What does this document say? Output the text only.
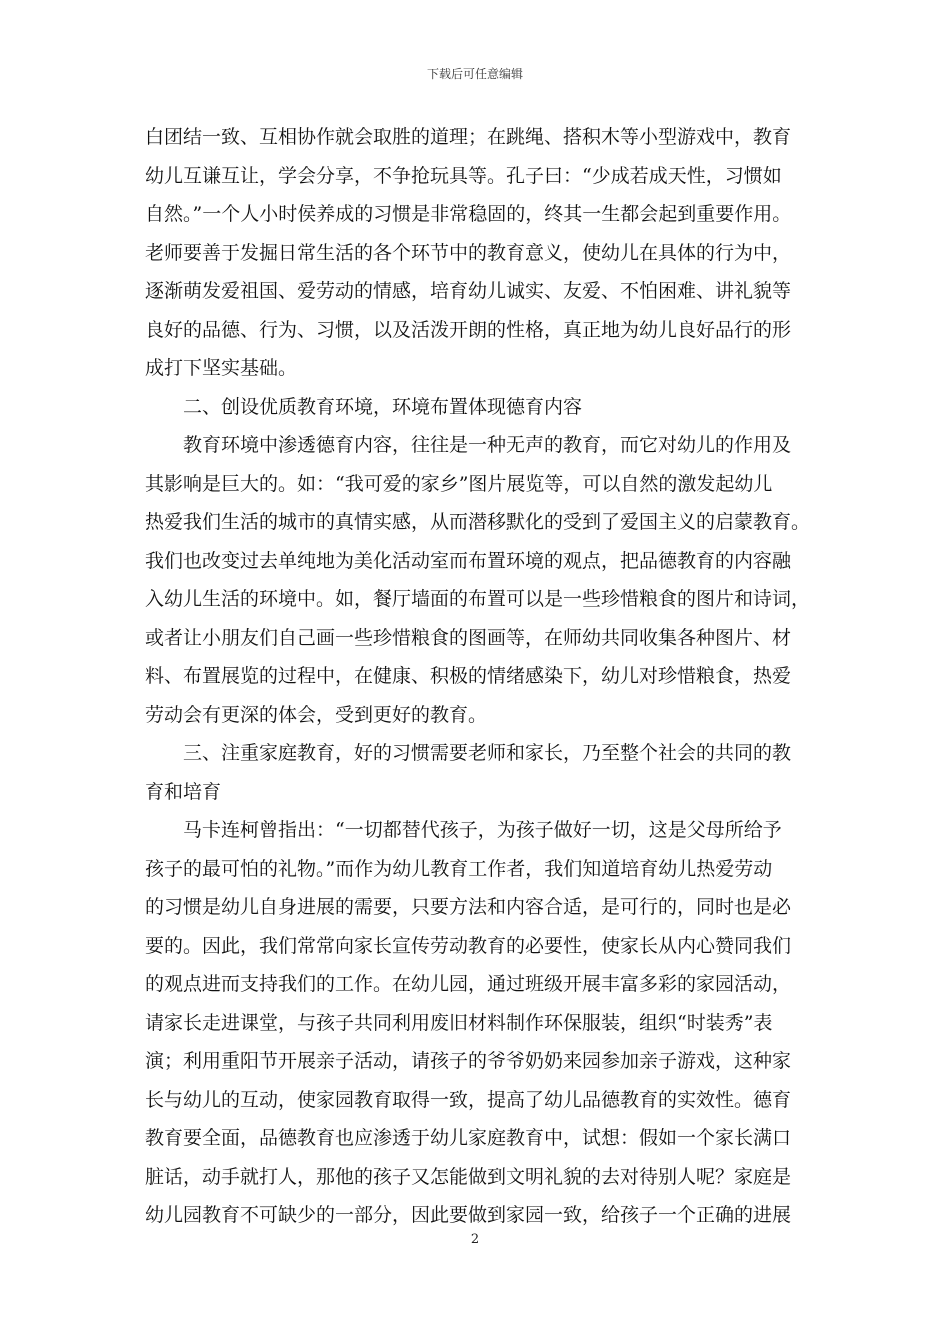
下载后可任意编辑
白团结一致、互相协作就会取胜的道理；在跳绳、搭积木等小型游戏中，教育
幼儿互谦互让，学会分享，不争抢玩具等。孔子曰：“少成若成天性，习惯如
自然。”一个人小时侯养成的习惯是非常稳固的，终其一生都会起到重要作用。
老师要善于发掘日常生活的各个环节中的教育意义，使幼儿在具体的行为中，
逐渐萌发爱祖国、爱劳动的情感，培育幼儿诚实、友爱、不怕困难、讲礼貌等
良好的品德、行为、习惯，以及活泼开朗的性格，真正地为幼儿良好品行的形
成打下坚实基础。
二、创设优质教育环境，环境布置体现德育内容
教育环境中渗透德育内容，往往是一种无声的教育，而它对幼儿的作用及
其影响是巨大的。如：“我可爱的家乡”图片展览等，可以自然的激发起幼儿
热爱我们生活的城市的真情实感，从而潜移默化的受到了爱国主义的启蒙教育。
我们也改变过去单纯地为美化活动室而布置环境的观点，把品德教育的内容融
入幼儿生活的环境中。如，餐厅墙面的布置可以是一些珍惜粮食的图片和诗词，
或者让小朋友们自己画一些珍惜粮食的图画等，在师幼共同收集各种图片、材
料、布置展览的过程中，在健康、积极的情绪感染下，幼儿对珍惜粮食，热爱
劳动会有更深的体会，受到更好的教育。
三、注重家庭教育，好的习惯需要老师和家长，乃至整个社会的共同的教
育和培育
马卡连柯曾指出：“一切都替代孩子，为孩子做好一切，这是父母所给予
孩子的最可怕的礼物。”而作为幼儿教育工作者，我们知道培育幼儿热爱劳动
的习惯是幼儿自身进展的需要，只要方法和内容合适，是可行的，同时也是必
要的。因此，我们常常向家长宣传劳动教育的必要性，使家长从内心赞同我们
的观点进而支持我们的工作。在幼儿园，通过班级开展丰富多彩的家园活动，
请家长走进课堂，与孩子共同利用废旧材料制作环保服装，组织“时装秀”表
演；利用重阳节开展亲子活动，请孩子的爷爷奶奶来园参加亲子游戏，这种家
长与幼儿的互动，使家园教育取得一致，提高了幼儿品德教育的实效性。德育
教育要全面，品德教育也应渗透于幼儿家庭教育中，试想：假如一个家长满口
脏话，动手就打人，那他的孩子又怎能做到文明礼貌的去对待别人呢？家庭是
幼儿园教育不可缺少的一部分，因此要做到家园一致，给孩子一个正确的进展
2
